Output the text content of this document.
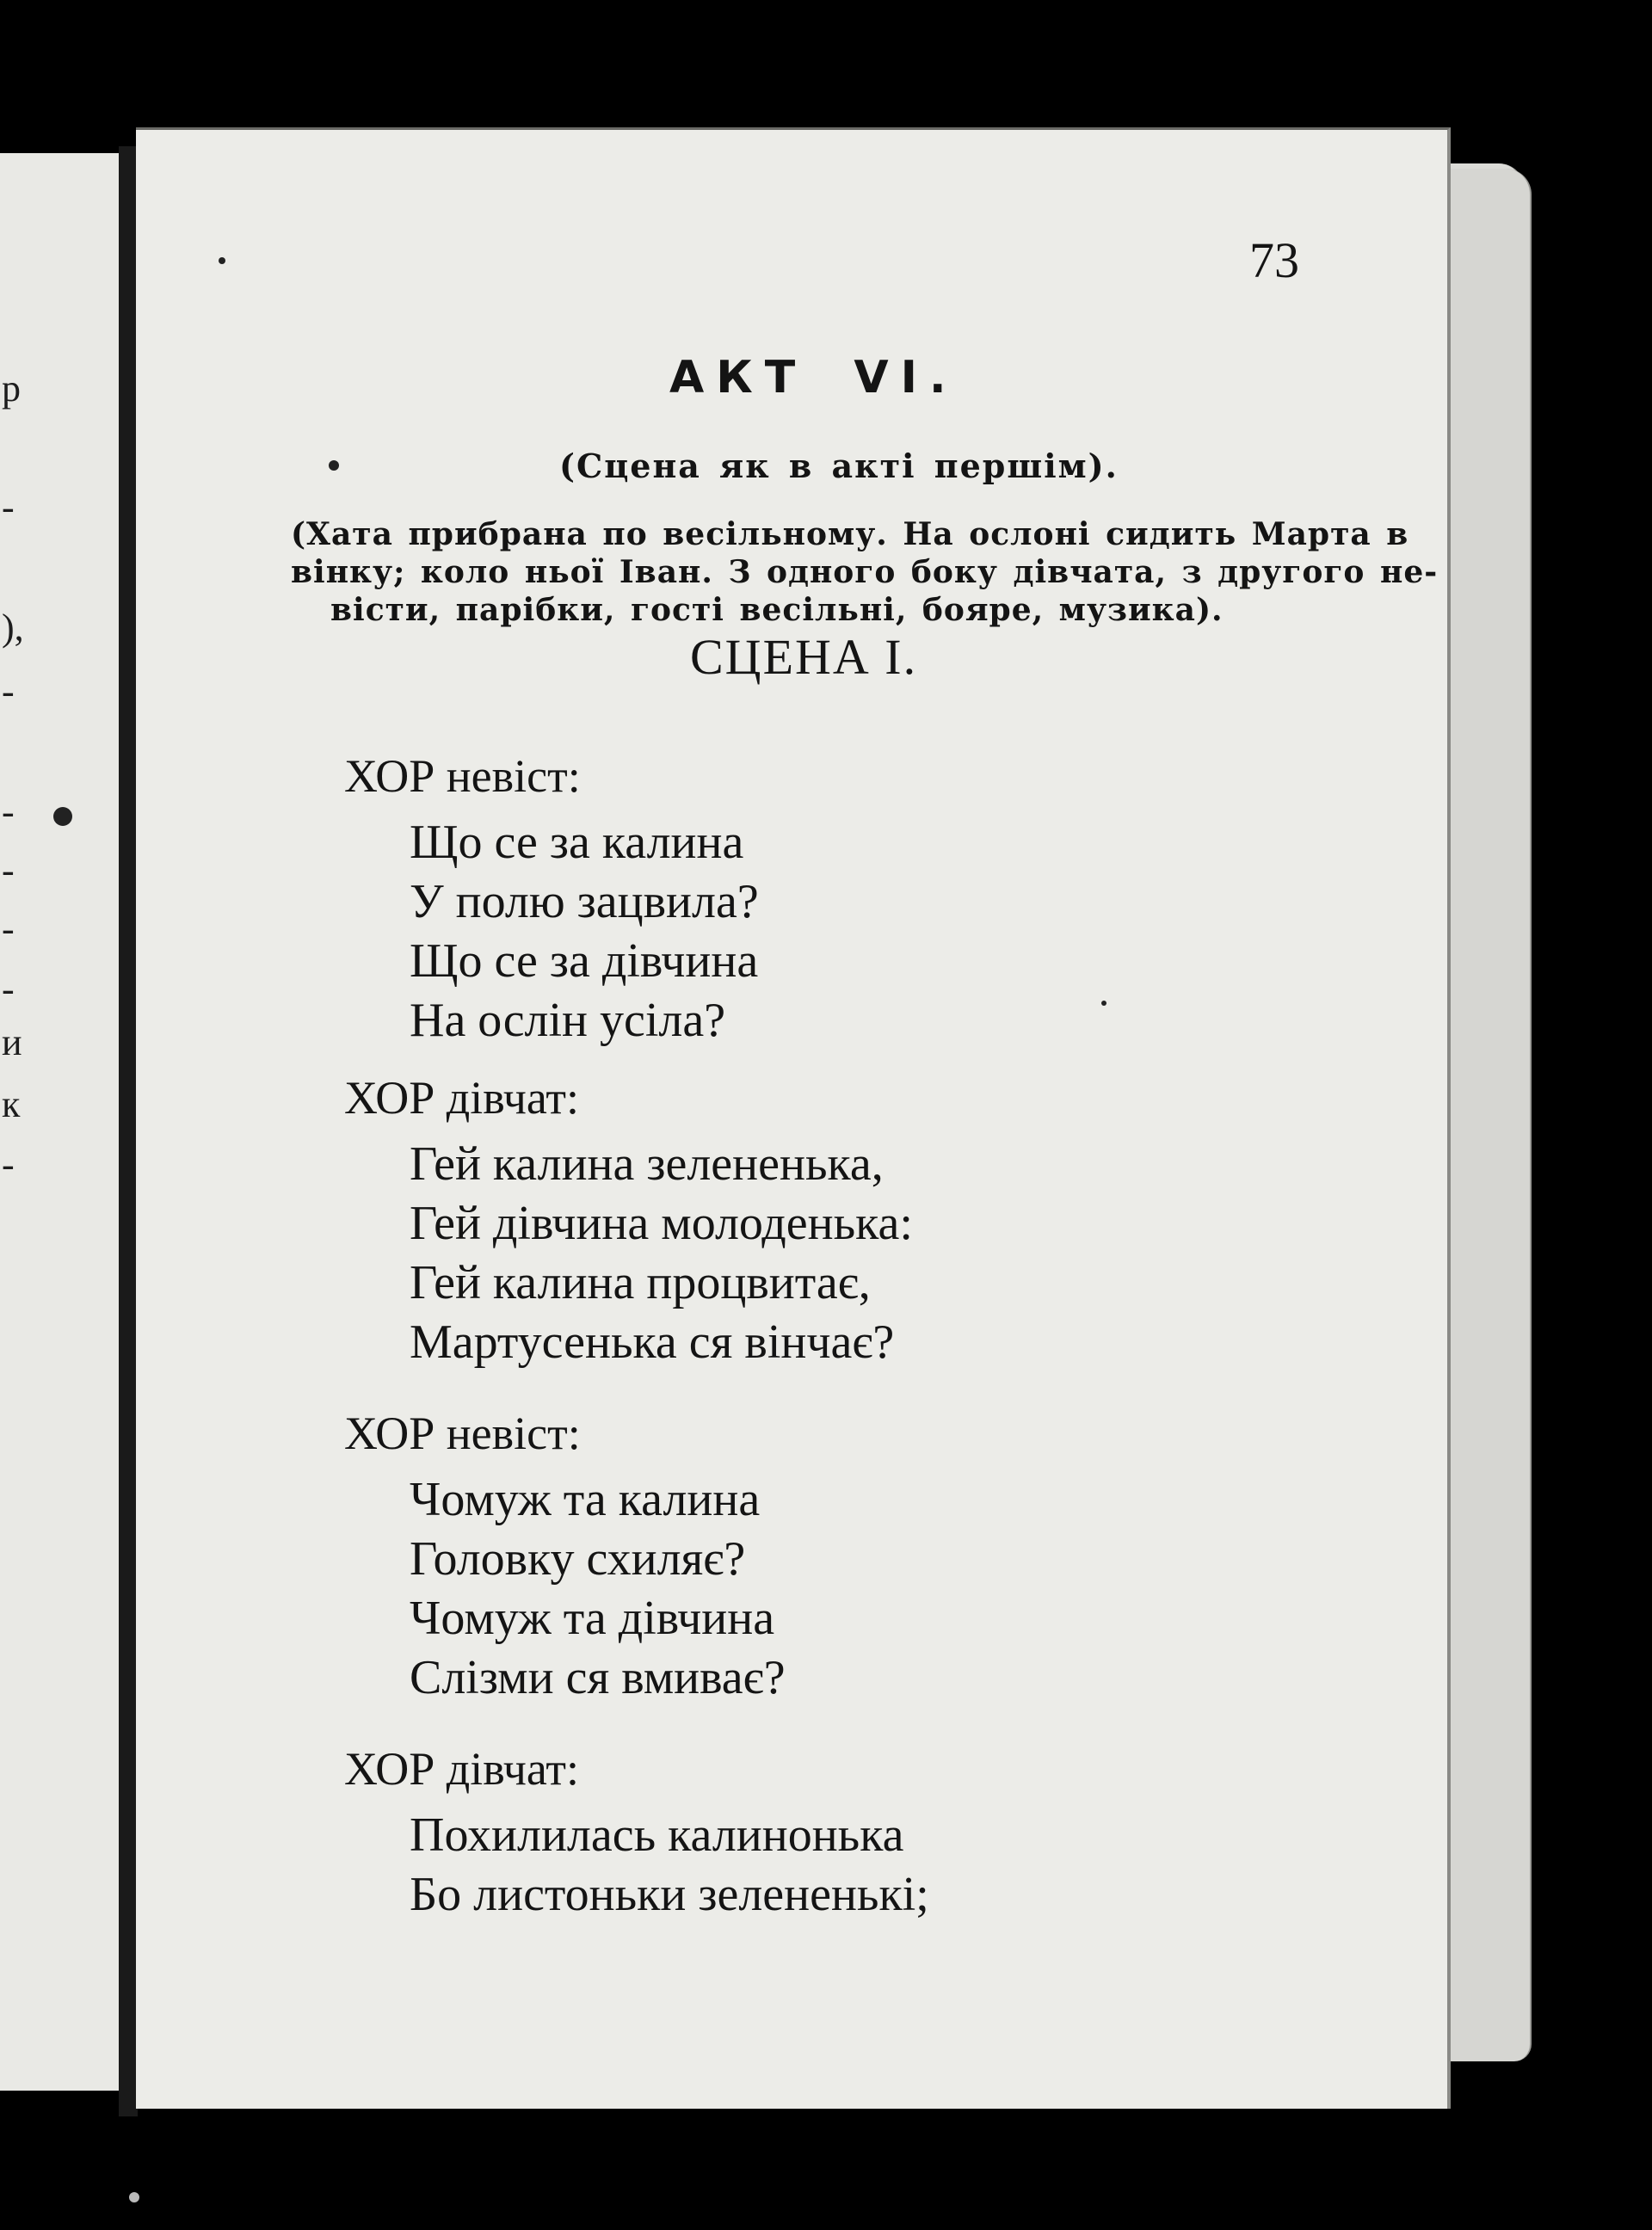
р
-
),
-
-
-
-
-
и
к
-
73
АКТ VI.
(Сцена як в акті першім).
(Хата прибрана по весільному. На ослоні сидить Марта в
вінку; коло ньої Іван. З одного боку дівчата, з другого не-
вісти, парібки, гості весільні, бояре, музика).
СЦЕНА І.
ХОР невіст:
Що се за калина
У полю зацвила?
Що се за дівчина
На ослін усіла?
ХОР дівчат:
Гей калина зелененька,
Гей дівчина молоденька:
Гей калина процвитає,
Мартусенька ся вінчає?
ХОР невіст:
Чомуж та калина
Головку схиляє?
Чомуж та дівчина
Слізми ся вмиває?
ХОР дівчат:
Похилилась калинонька
Бо листоньки зелененькі;
